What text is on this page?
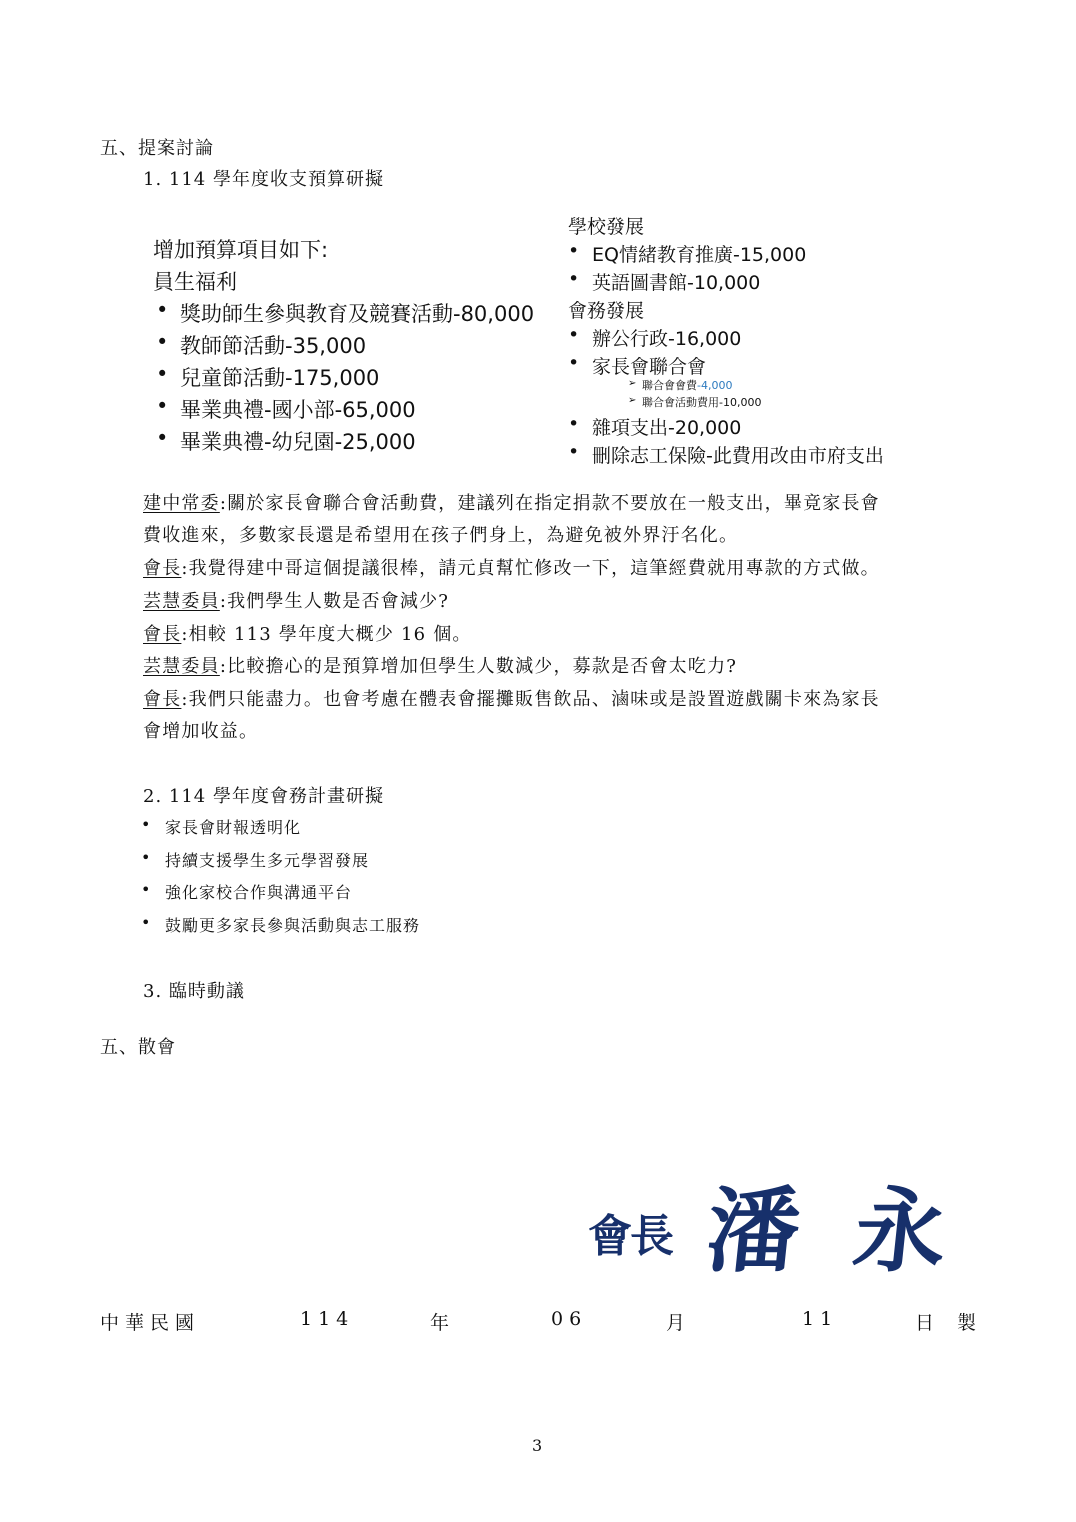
五、提案討論
1. 114 學年度收支預算研擬
增加預算項目如下:
員生福利
• 獎助師生參與教育及競賽活動-80,000
• 教師節活動-35,000
• 兒童節活動-175,000
• 畢業典禮-國小部-65,000
• 畢業典禮-幼兒園-25,000
學校發展
• EQ情緒教育推廣-15,000
• 英語圖書館-10,000
會務發展
• 辦公行政-16,000
• 家長會聯合會
➢ 聯合會會費-4,000
➢ 聯合會活動費用-10,000
• 雜項支出-20,000
• 刪除志工保險-此費用改由市府支出
建中常委:關於家長會聯合會活動費，建議列在指定捐款不要放在一般支出，畢竟家長會
費收進來，多數家長還是希望用在孩子們身上，為避免被外界汙名化。
會長:我覺得建中哥這個提議很棒，請元貞幫忙修改一下，這筆經費就用專款的方式做。
芸慧委員:我們學生人數是否會減少?
會長:相較 113 學年度大概少 16 個。
芸慧委員:比較擔心的是預算增加但學生人數減少，募款是否會太吃力?
會長:我們只能盡力。也會考慮在體表會擺攤販售飲品、滷味或是設置遊戲關卡來為家長
會增加收益。
2. 114 學年度會務計畫研擬
• 家長會財報透明化
• 持續支援學生多元學習發展
• 強化家校合作與溝通平台
• 鼓勵更多家長參與活動與志工服務
3. 臨時動議
五、散會
會長 潘 永
中華民國	114	年	06	月	11	日 製
3
